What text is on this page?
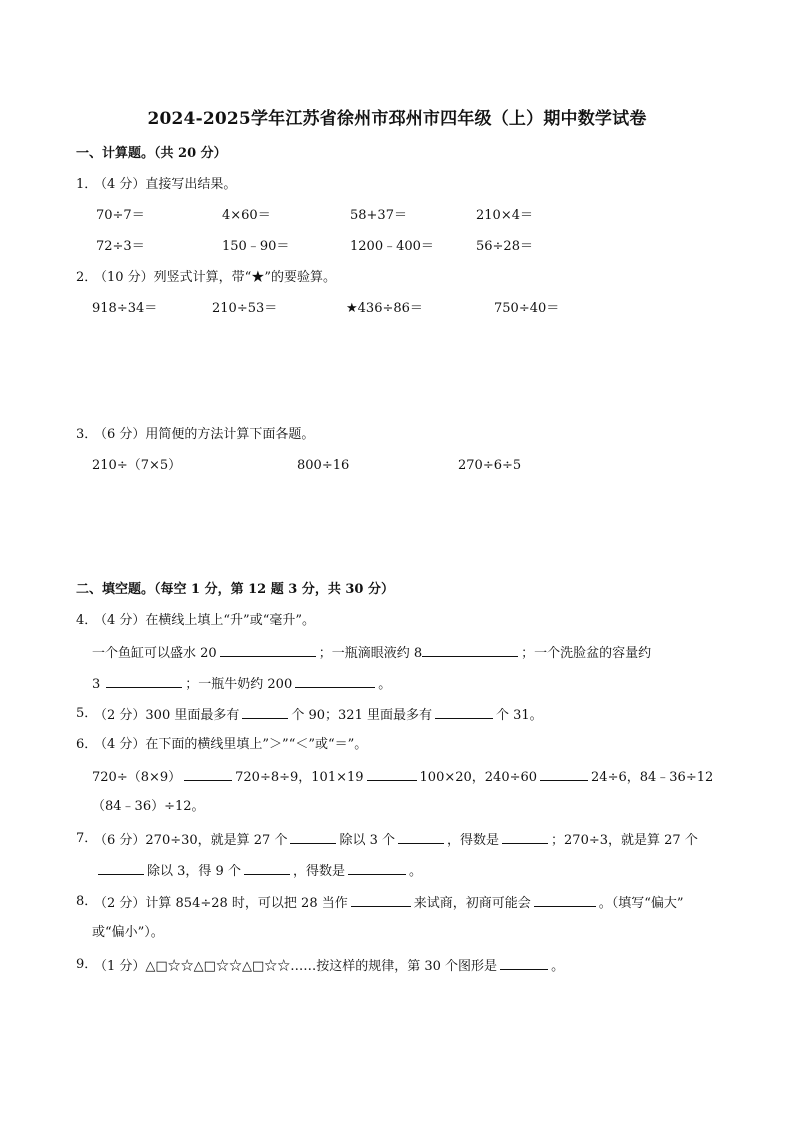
2024-2025学年江苏省徐州市邳州市四年级（上）期中数学试卷
一、计算题。（共 20 分）
1．
（4 分）直接写出结果。
70÷7＝	4×60＝	58+37＝	210×4＝
72÷3＝	150﹣90＝	1200﹣400＝	56÷28＝
2．
（10 分）列竖式计算，带“★”的要验算。
918÷34＝	210÷53＝	★436÷86＝	750÷40＝
3．
（6 分）用简便的方法计算下面各题。
210÷（7×5）	800÷16	270÷6÷5
二、填空题。（每空 1 分，第 12 题 3 分，共 30 分）
4．
（4 分）在横线上填上“升”或“毫升”。
一个鱼缸可以盛水 20	；一瓶滴眼液约 8	；一个洗脸盆的容量约
3	；一瓶牛奶约 200	。
5．
（2 分）300 里面最多有	个 90；321 里面最多有	个 31。
6．
（4 分）在下面的横线里填上”＞”“＜”或“＝”。
720÷（8×9）	720÷8÷9，101×19	100×20，240÷60	24÷6，84﹣36÷12
（84﹣36）÷12。
7．
（6 分）270÷30，就是算 27 个	除以 3 个	，得数是	；270÷3，就是算 27 个
除以 3，得 9 个	，得数是	。
8．
（2 分）计算 854÷28 时，可以把 28 当作	来试商，初商可能会	。（填写“偏大”
或“偏小”）。
9．
（1 分）△□☆☆△□☆☆△□☆☆……按这样的规律，第 30 个图形是	。
